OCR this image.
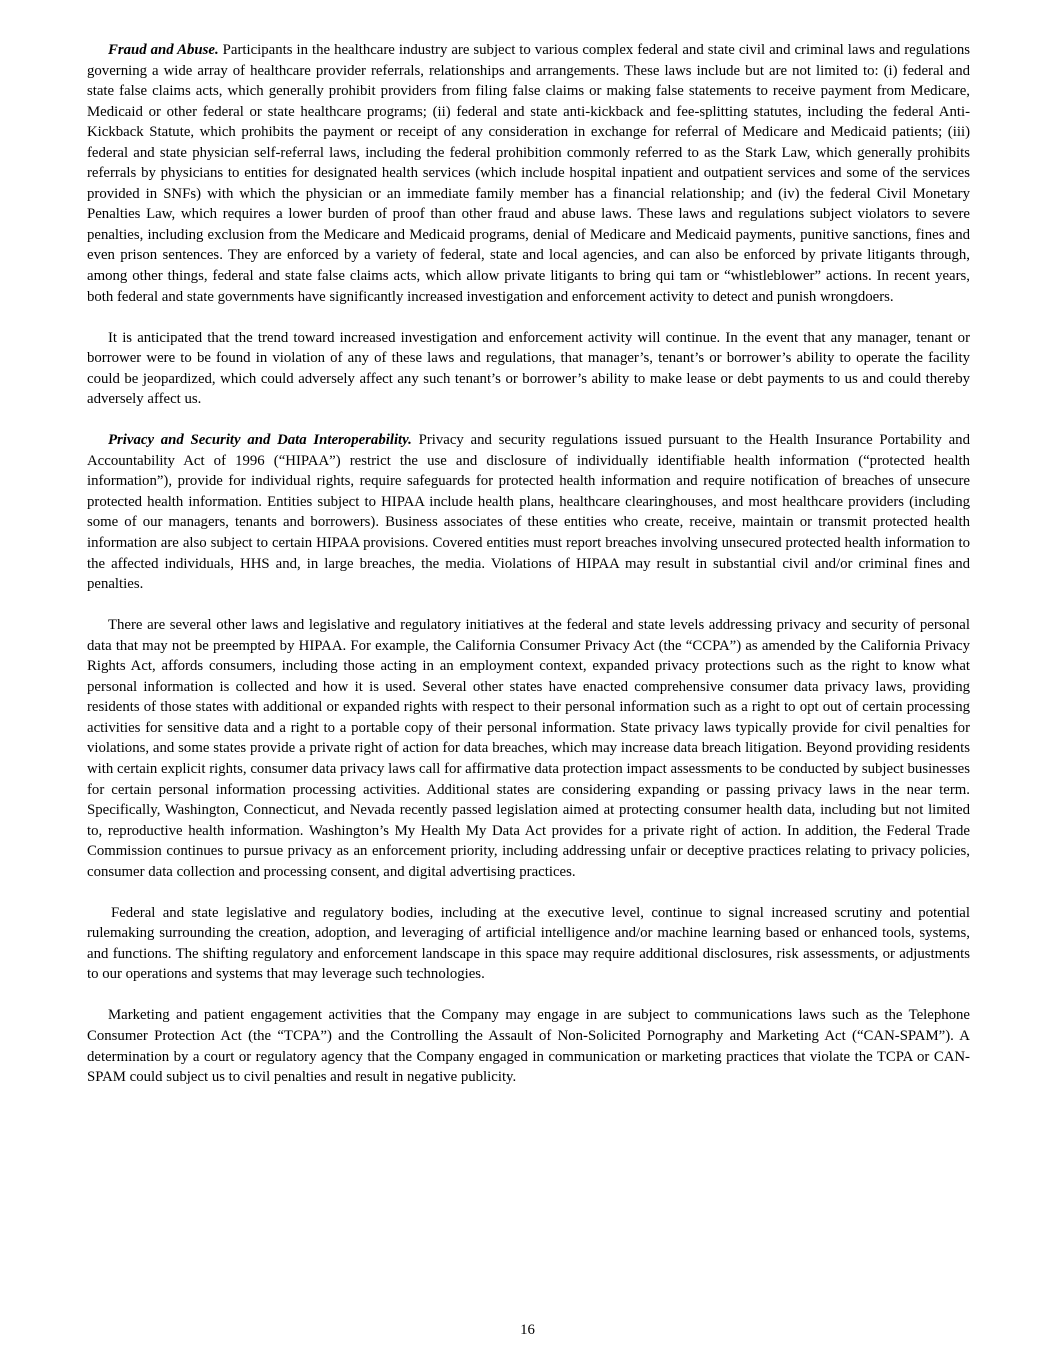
Fraud and Abuse. Participants in the healthcare industry are subject to various complex federal and state civil and criminal laws and regulations governing a wide array of healthcare provider referrals, relationships and arrangements. These laws include but are not limited to: (i) federal and state false claims acts, which generally prohibit providers from filing false claims or making false statements to receive payment from Medicare, Medicaid or other federal or state healthcare programs; (ii) federal and state anti-kickback and fee-splitting statutes, including the federal Anti-Kickback Statute, which prohibits the payment or receipt of any consideration in exchange for referral of Medicare and Medicaid patients; (iii) federal and state physician self-referral laws, including the federal prohibition commonly referred to as the Stark Law, which generally prohibits referrals by physicians to entities for designated health services (which include hospital inpatient and outpatient services and some of the services provided in SNFs) with which the physician or an immediate family member has a financial relationship; and (iv) the federal Civil Monetary Penalties Law, which requires a lower burden of proof than other fraud and abuse laws. These laws and regulations subject violators to severe penalties, including exclusion from the Medicare and Medicaid programs, denial of Medicare and Medicaid payments, punitive sanctions, fines and even prison sentences. They are enforced by a variety of federal, state and local agencies, and can also be enforced by private litigants through, among other things, federal and state false claims acts, which allow private litigants to bring qui tam or “whistleblower” actions. In recent years, both federal and state governments have significantly increased investigation and enforcement activity to detect and punish wrongdoers.

It is anticipated that the trend toward increased investigation and enforcement activity will continue. In the event that any manager, tenant or borrower were to be found in violation of any of these laws and regulations, that manager’s, tenant’s or borrower’s ability to operate the facility could be jeopardized, which could adversely affect any such tenant’s or borrower’s ability to make lease or debt payments to us and could thereby adversely affect us.

Privacy and Security and Data Interoperability. Privacy and security regulations issued pursuant to the Health Insurance Portability and Accountability Act of 1996 (“HIPAA”) restrict the use and disclosure of individually identifiable health information (“protected health information”), provide for individual rights, require safeguards for protected health information and require notification of breaches of unsecure protected health information. Entities subject to HIPAA include health plans, healthcare clearinghouses, and most healthcare providers (including some of our managers, tenants and borrowers). Business associates of these entities who create, receive, maintain or transmit protected health information are also subject to certain HIPAA provisions. Covered entities must report breaches involving unsecured protected health information to the affected individuals, HHS and, in large breaches, the media. Violations of HIPAA may result in substantial civil and/or criminal fines and penalties.

There are several other laws and legislative and regulatory initiatives at the federal and state levels addressing privacy and security of personal data that may not be preempted by HIPAA. For example, the California Consumer Privacy Act (the “CCPA”) as amended by the California Privacy Rights Act, affords consumers, including those acting in an employment context, expanded privacy protections such as the right to know what personal information is collected and how it is used. Several other states have enacted comprehensive consumer data privacy laws, providing residents of those states with additional or expanded rights with respect to their personal information such as a right to opt out of certain processing activities for sensitive data and a right to a portable copy of their personal information. State privacy laws typically provide for civil penalties for violations, and some states provide a private right of action for data breaches, which may increase data breach litigation. Beyond providing residents with certain explicit rights, consumer data privacy laws call for affirmative data protection impact assessments to be conducted by subject businesses for certain personal information processing activities. Additional states are considering expanding or passing privacy laws in the near term. Specifically, Washington, Connecticut, and Nevada recently passed legislation aimed at protecting consumer health data, including but not limited to, reproductive health information. Washington’s My Health My Data Act provides for a private right of action. In addition, the Federal Trade Commission continues to pursue privacy as an enforcement priority, including addressing unfair or deceptive practices relating to privacy policies, consumer data collection and processing consent, and digital advertising practices.

Federal and state legislative and regulatory bodies, including at the executive level, continue to signal increased scrutiny and potential rulemaking surrounding the creation, adoption, and leveraging of artificial intelligence and/or machine learning based or enhanced tools, systems, and functions. The shifting regulatory and enforcement landscape in this space may require additional disclosures, risk assessments, or adjustments to our operations and systems that may leverage such technologies.

Marketing and patient engagement activities that the Company may engage in are subject to communications laws such as the Telephone Consumer Protection Act (the “TCPA”) and the Controlling the Assault of Non-Solicited Pornography and Marketing Act (“CAN-SPAM”). A determination by a court or regulatory agency that the Company engaged in communication or marketing practices that violate the TCPA or CAN-SPAM could subject us to civil penalties and result in negative publicity.

16
